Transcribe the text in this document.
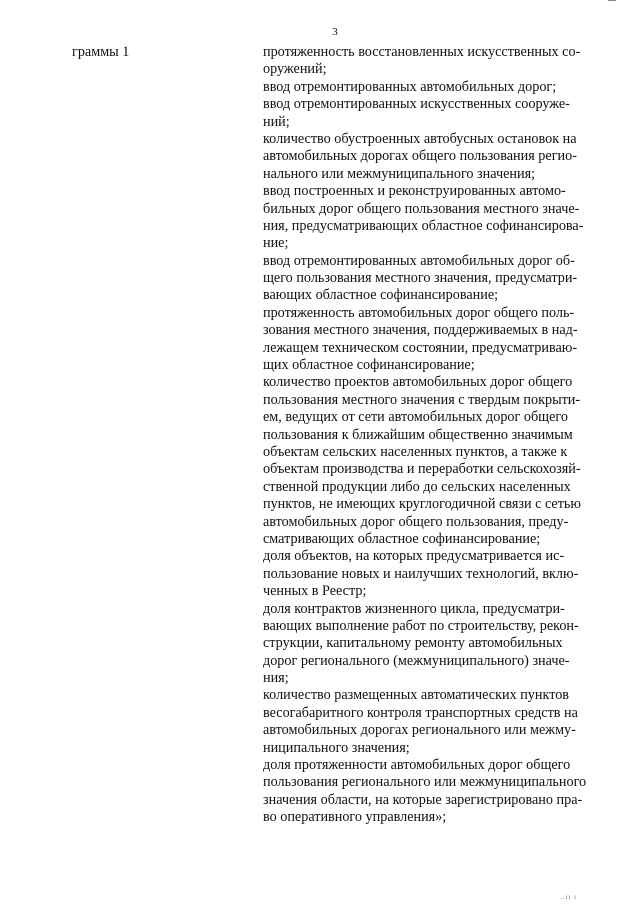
3
граммы 1	протяженность восстановленных искусственных со-
оружений;
ввод отремонтированных автомобильных дорог;
ввод отремонтированных искусственных сооруже-
ний;
количество обустроенных автобусных остановок на
автомобильных дорогах общего пользования регио-
нального или межмуниципального значения;
ввод построенных и реконструированных автомо-
бильных дорог общего пользования местного значе-
ния, предусматривающих областное софинансирова-
ние;
ввод отремонтированных автомобильных дорог об-
щего пользования местного значения, предусматри-
вающих областное софинансирование;
протяженность автомобильных дорог общего поль-
зования местного значения, поддерживаемых в над-
лежащем техническом состоянии, предусматриваю-
щих областное софинансирование;
количество проектов автомобильных дорог общего
пользования местного значения с твердым покрыти-
ем, ведущих от сети автомобильных дорог общего
пользования к ближайшим общественно значимым
объектам сельских населенных пунктов, а также к
объектам производства и переработки сельскохозяй-
ственной продукции либо до сельских населенных
пунктов, не имеющих круглогодичной связи с сетью
автомобильных дорог общего пользования, преду-
сматривающих областное софинансирование;
доля объектов, на которых предусматривается ис-
пользование новых и наилучших технологий, вклю-
ченных в Реестр;
доля контрактов жизненного цикла, предусматри-
вающих выполнение работ по строительству, рекон-
струкции, капитальному ремонту автомобильных
дорог регионального (межмуниципального) значе-
ния;
количество размещенных автоматических пунктов
весогабаритного контроля транспортных средств на
автомобильных дорогах регионального или межму-
ниципального значения;
доля протяженности автомобильных дорог общего
пользования регионального или межмуниципального
значения области, на которые зарегистрировано пра-
во оперативного управления»;
..ıı ı
